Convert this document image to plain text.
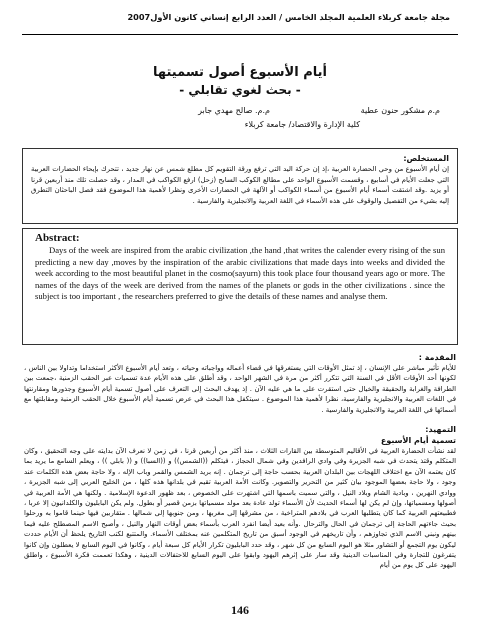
مجلة جامعة كربلاء العلمية المجلد الخامس / العدد الرابع إنساني كانون الأول2007
أيام الأسبوع أصول تسميتها
- بحث لغوي تقابلي -
م.م. صالح مهدي جابر	م.م مشكور حنون عطية
كلية الإدارة والاقتصاد/ جامعة كربلاء
المستخلص:
إن أيام الأسبوع من وحي الحضارة العربية ،إذ إن حركة اليد التي ترفع ورقة التقويم كل مطلع شمس عن نهار جديد ، تتحرك بإيحاء الحضارات العربية التي جعلت الأيام في أسابيع ، وقسمت الأسبوع الواحد على مطالع الكوكب السابح (زحل) ارفع الكواكب في المدار ، وقد حصلت تلك منذ أربعين قرنا أو يزيد .وقد اشتقت أسماء أيام الأسبوع من أسماء الكواكب أو الآلهة في الحضارات الأخرى ونظرا لأهمية هذا الموضوع فقد فصل الباحثان التطرق إليه بشيء من التفصيل والوقوف على هذه الأسماء في اللغة العربية والانجليزية والفارسية .
Abstract:
Days of the week are inspired from the arabic civilization ,the hand ,that writes the calender every rising of the sun predicting a new day ,moves by the inspiration of the arabic civilizations that made days into weeks and divided the week according to the most beautiful planet in the cosmo(sayurn) this took place four thousand years ago or more. The names of the days of the week are derived from the names of the planets or gods in the other civilizations . since the subject is too important , the researchers preferred to give the details of these names and analyse them.
المقدمة :
للأيام تأثير مباشر على الإنسان ، إذ تمثل الأوقات التي يستغرقها في قضاء أعماله وواجباته وحياته ، وتعد أيام الأسبوع الأكثر استخداما وتداولا بين الناس ، لكونها أحد الأوقات الأقل في السنة التي تتكرر أكثر من مرة في الشهر الواحد ، وقد أطلق على هذه الأيام عدة تسميات عبر الحقب الزمنية ،جمعت بين الطرافة والغرابة والحقيقة والخيال حتى استقرت على ما هي عليه الآن . إذ يهدف البحث إلى التعرف على أصول تسمية أيام الأسبوع وجذورها ومقارنتها في اللغات العربية والانجليزية والفارسية، نظرا لأهمية هذا الموضوع . سيتكفل هذا البحث في عرض تسمية أيام الأسبوع خلال الحقب الزمنية ومقابلتها مع أسمائها في اللغة العربية والانجليزية والفارسية .
التمهيد:
تسمية أيام الأسبوع
لقد نشأت الحضارة العربية في الأقاليم المتوسطة بين القارات الثلاث ، منذ أكثر من أربعين قرنا ، في زمن لا نعرف الآن بدايته على وجه التحقيق ، وكان المتكلم وقتذ يتحدث في شبه الجزيرة وفي وادي الرافدين وفي شمال الحجاز ، فيتكلم ((الشمس)) و ((السبا)) و (( بابلي )) ، ويعلم السامع ما يريد بما كان يعتمه الآن مع اختلاف اللهجات بين البلدان العربية بحسب حاجة إلى ترجمان . إنه بريد الشمس والقمر وباب الإله ، ولا حاجة بعض هذه الكلمات عند وجود ، ولا حاجة بعضها الموجود بيان كثير من التحرير والتصوير. وكانت الأمة العربية تقيم في بلدانها هذه كلها ، من الخليج العربي إلى شبه الجزيرة ، ووادي النهرين ، وبادية الشام وبلاد النيل ، والتي سميت باسمها التي اشتهرت على الخصوص ، بعد ظهور الدعوة الإسلامية . ولكنها هي الأمة العربية في أصولها ومسمياتها، وإن لم يكن لها أسماء الحديث لأن الأسماء تولد عادة بعد مولد مسمياتها بزمن قصير أو بطول. ولم يكن البابليون والكلدانيون إلا عربا ، فطبيعتهم العربية كما كان يتطلبها العرب في بلادهم المتراخية ، من مشرقها إلى مغربها ، ومن جنوبها إلى شمالها . متقاربين فيها حينما قاموا به ورحلوا بحيث جاءتهم الحاجة إلى ترجمان في الحال والترحال .وأنه بعيد أيضا انفرد العرب بأسماء بعض أوقات النهار والنيل ، وأصبح الاسم المصطلح عليه فيما بينهم ونبني الاسم الذي تجاوزهم ، وأن تاريخهم في الوجود أسبق من تاريخ المتكلمين عنه بمختلف الأسماء. والمتتبع لكتب التاريخ يلحظ أن الأيام حددت ليكون يوم التجمع أو التشاور مثلا هو اليوم السابع من كل شهر ، وقد حدد البابليون تكرار الأيام كل سبعة أيام ، وكانوا في اليوم السابع لا يعطلون وإن كانوا يتفرغون للتجارة وفي المناسبات الدينية وقد سار على إثرهم اليهود وابقوا على اليوم السابع للاحتفالات الدينية ، وهكذا تعممت فكرة الأسبوع ، واطلق اليهود على كل يوم من أيام
146
